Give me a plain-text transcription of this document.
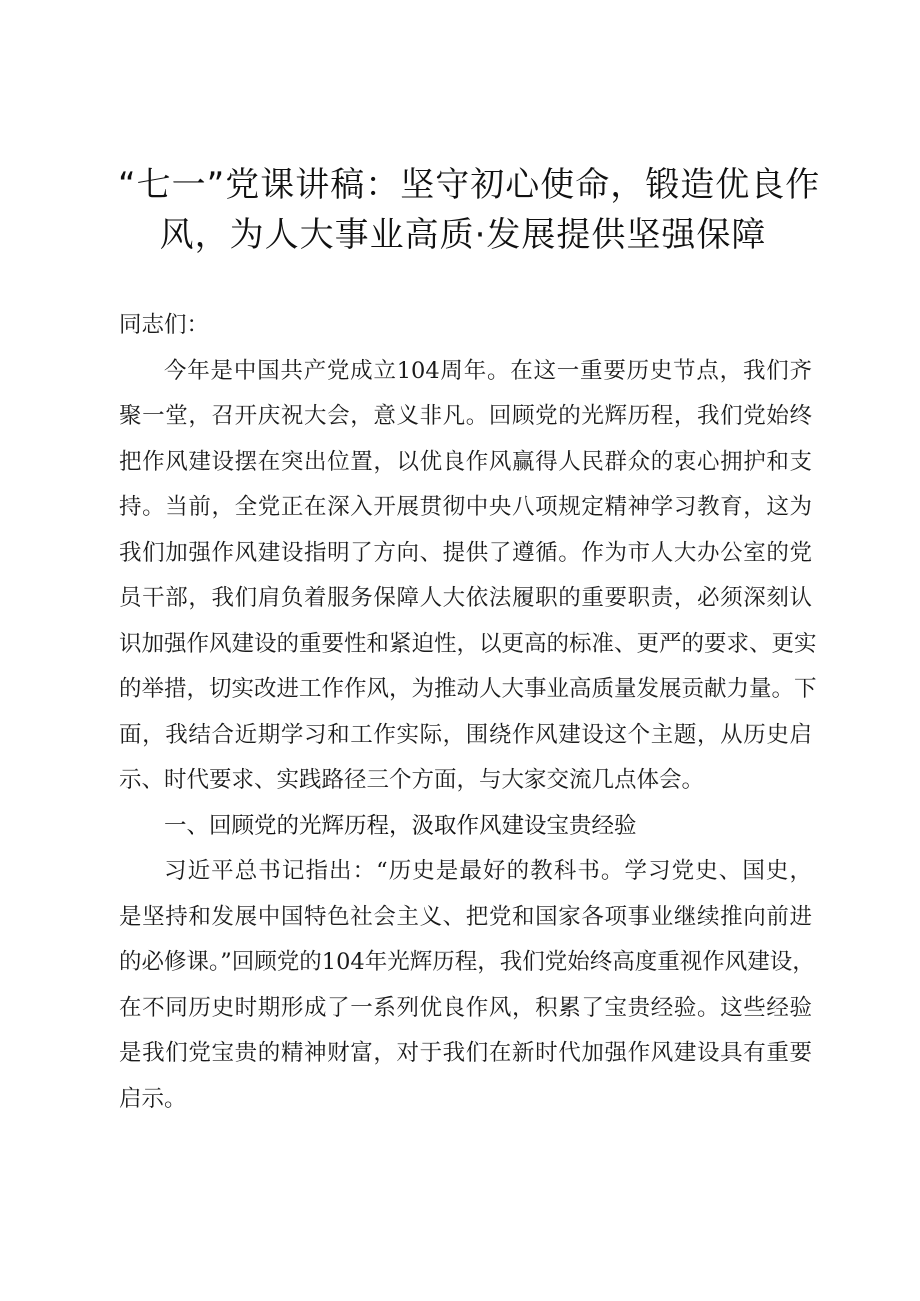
“七一”党课讲稿：坚守初心使命，锻造优良作
风，为人大事业高质·发展提供坚强保障
同志们：
今年是中国共产党成立104周年。在这一重要历史节点，我们齐
聚一堂，召开庆祝大会，意义非凡。回顾党的光辉历程，我们党始终
把作风建设摆在突出位置，以优良作风赢得人民群众的衷心拥护和支
持。当前，全党正在深入开展贯彻中央八项规定精神学习教育，这为
我们加强作风建设指明了方向、提供了遵循。作为市人大办公室的党
员干部，我们肩负着服务保障人大依法履职的重要职责，必须深刻认
识加强作风建设的重要性和紧迫性，以更高的标准、更严的要求、更实
的举措，切实改进工作作风，为推动人大事业高质量发展贡献力量。下
面，我结合近期学习和工作实际，围绕作风建设这个主题，从历史启
示、时代要求、实践路径三个方面，与大家交流几点体会。
一、回顾党的光辉历程，汲取作风建设宝贵经验
习近平总书记指出：“历史是最好的教科书。学习党史、国史，
是坚持和发展中国特色社会主义、把党和国家各项事业继续推向前进
的必修课。”回顾党的104年光辉历程，我们党始终高度重视作风建设，
在不同历史时期形成了一系列优良作风，积累了宝贵经验。这些经验
是我们党宝贵的精神财富，对于我们在新时代加强作风建设具有重要
启示。
